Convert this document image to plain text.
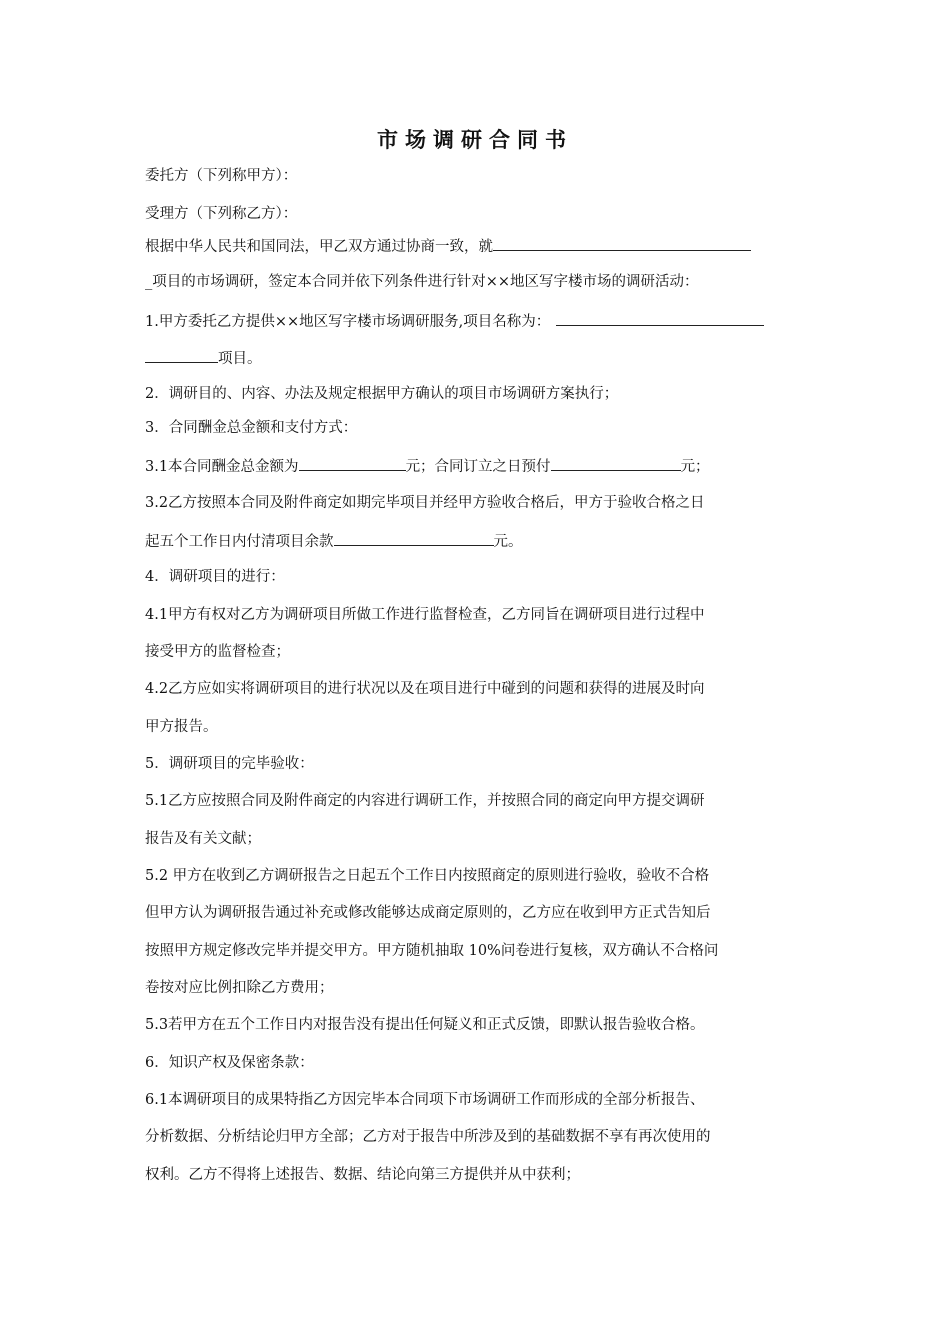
市场调研合同书
委托方（下列称甲方）：
受理方（下列称乙方）：
根据中华人民共和国同法，甲乙双方通过协商一致，就
_项目的市场调研，签定本合同并依下列条件进行针对××地区写字楼市场的调研活动：
1.甲方委托乙方提供××地区写字楼市场调研服务,项目名称为：
项目。
2．调研目的、内容、办法及规定根据甲方确认的项目市场调研方案执行；
3．合同酬金总金额和支付方式：
3.1本合同酬金总金额为	元；合同订立之日预付	元；
3.2乙方按照本合同及附件商定如期完毕项目并经甲方验收合格后，甲方于验收合格之日
起五个工作日内付清项目余款	元。
4．调研项目的进行：
4.1甲方有权对乙方为调研项目所做工作进行监督检查，乙方同旨在调研项目进行过程中
接受甲方的监督检查；
4.2乙方应如实将调研项目的进行状况以及在项目进行中碰到的问题和获得的进展及时向
甲方报告。
5．调研项目的完毕验收：
5.1乙方应按照合同及附件商定的内容进行调研工作，并按照合同的商定向甲方提交调研
报告及有关文献；
5.2 甲方在收到乙方调研报告之日起五个工作日内按照商定的原则进行验收，验收不合格
但甲方认为调研报告通过补充或修改能够达成商定原则的，乙方应在收到甲方正式告知后
按照甲方规定修改完毕并提交甲方。甲方随机抽取 10%问卷进行复核，双方确认不合格问
卷按对应比例扣除乙方费用；
5.3若甲方在五个工作日内对报告没有提出任何疑义和正式反馈，即默认报告验收合格。
6．知识产权及保密条款：
6.1本调研项目的成果特指乙方因完毕本合同项下市场调研工作而形成的全部分析报告、
分析数据、分析结论归甲方全部；乙方对于报告中所涉及到的基础数据不享有再次使用的
权利。乙方不得将上述报告、数据、结论向第三方提供并从中获利；
